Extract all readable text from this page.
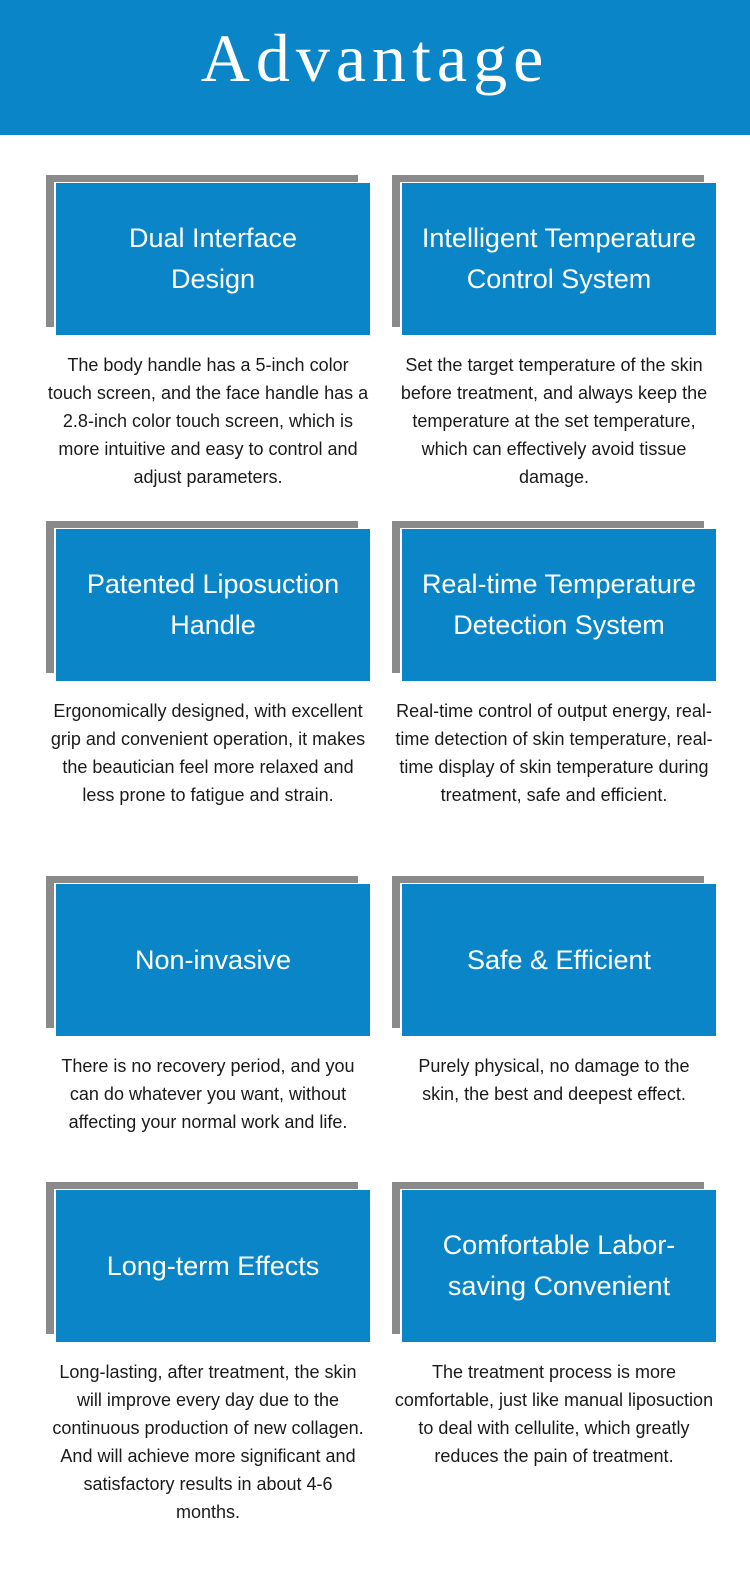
Advantage
Dual Interface Design
The body handle has a 5-inch color touch screen, and the face handle has a 2.8-inch color touch screen, which is more intuitive and easy to control and adjust parameters.
Intelligent Temperature Control System
Set the target temperature of the skin before treatment, and always keep the temperature at the set temperature, which can effectively avoid tissue damage.
Patented Liposuction Handle
Ergonomically designed, with excellent grip and convenient operation, it makes the beautician feel more relaxed and less prone to fatigue and strain.
Real-time Temperature Detection System
Real-time control of output energy, real-time detection of skin temperature, real-time display of skin temperature during treatment, safe and efficient.
Non-invasive
There is no recovery period, and you can do whatever you want, without affecting your normal work and life.
Safe & Efficient
Purely physical, no damage to the skin, the best and deepest effect.
Long-term Effects
Long-lasting, after treatment, the skin will improve every day due to the continuous production of new collagen. And will achieve more significant and satisfactory results in about 4-6 months.
Comfortable Labor-saving Convenient
The treatment process is more comfortable, just like manual liposuction to deal with cellulite, which greatly reduces the pain of treatment.
